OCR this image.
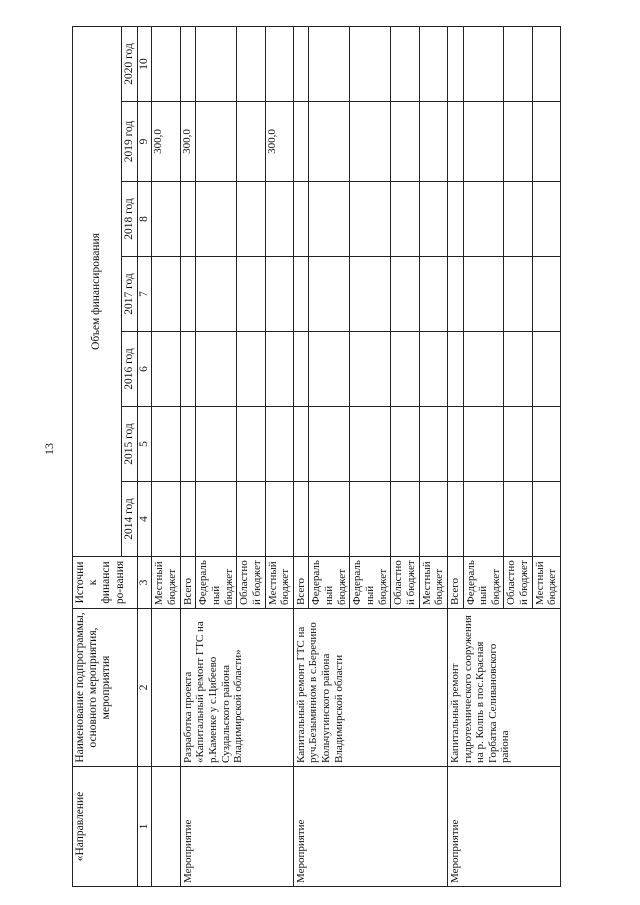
13
«Направление	Наименование подпрограммы, основного мероприятия, мероприятия	Источник финансиро-вания	Объем финансирования						
			2014 год	2015 год	2016 год	2017 год	2018 год	2019 год	2020 год
1	2	3	4	5	6	7	8	9	10
		Местный бюджет						300,0	
Мероприятие	Разработка проекта «Капитальный ремонт ГТС на р.Каменке у с.Цибеево Суздальского района Владимирской области»	Всего						300,0	
		Федеральный бюджет							
		Областной бюджет							
		Местный бюджет						300,0	
Мероприятие	Капитальный ремонт ГТС на руч.Безымянном в с.Беречино Кольчугинского района Владимирской области	Всего							
		Федеральный бюджет							
		Федеральный бюджет							
		Областной бюджет							
		Местный бюджет							
Мероприятие	Капитальный ремонт гидротехнического сооружения на р. Колпь в пос.Красная Горбатка Селивановского района	Всего							
		Федеральный бюджет							
		Областной бюджет							
		Местный бюджет							
